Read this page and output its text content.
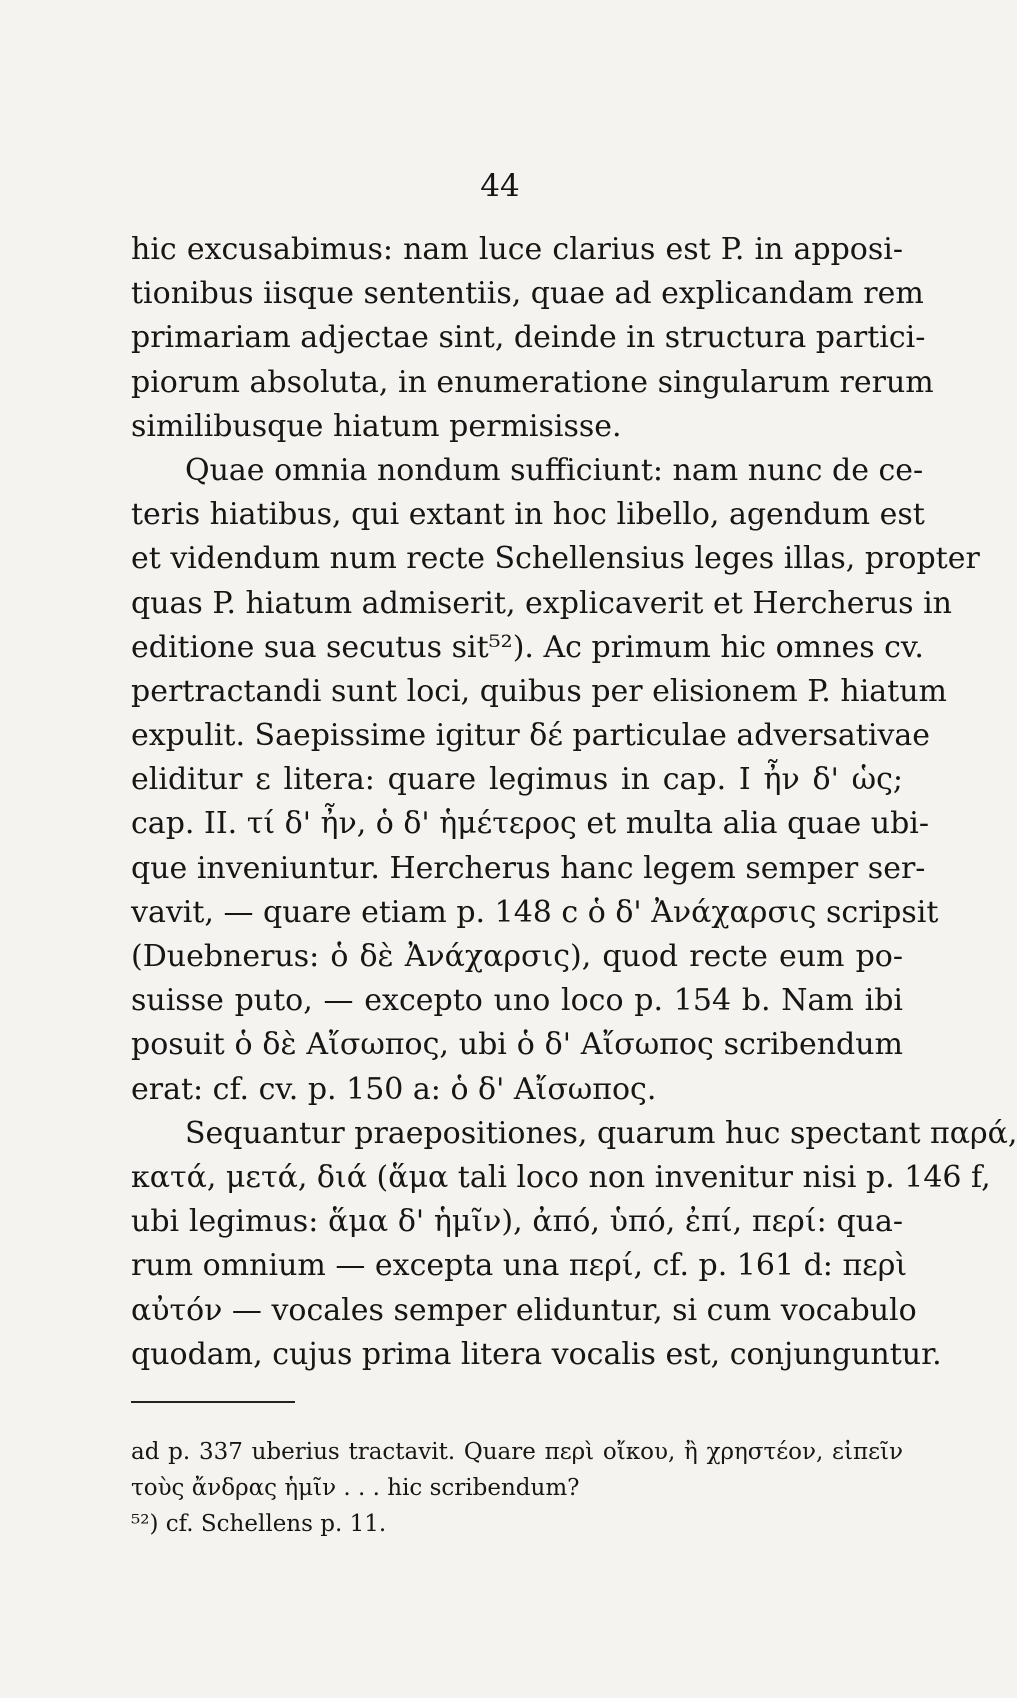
44
hic excusabimus: nam luce clarius est P. in apposi-
tionibus iisque sententiis, quae ad explicandam rem
primariam adjectae sint, deinde in structura partici-
piorum absoluta, in enumeratione singularum rerum
similibusque hiatum permisisse.
Quae omnia nondum sufficiunt: nam nunc de ce-
teris hiatibus, qui extant in hoc libello, agendum est
et videndum num recte Schellensius leges illas, propter
quas P. hiatum admiserit, explicaverit et Hercherus in
editione sua secutus sit⁵²). Ac primum hic omnes cv.
pertractandi sunt loci, quibus per elisionem P. hiatum
expulit. Saepissime igitur δέ particulae adversativae
eliditur ε litera: quare legimus in cap. I ἦν δ' ὡς;
cap. II. τί δ' ἦν, ὁ δ' ἡμέτερος et multa alia quae ubi-
que inveniuntur. Hercherus hanc legem semper ser-
vavit, — quare etiam p. 148 c ὁ δ' Ἀνάχαρσις scripsit
(Duebnerus: ὁ δὲ Ἀνάχαρσις), quod recte eum po-
suisse puto, — excepto uno loco p. 154 b. Nam ibi
posuit ὁ δὲ Αἴσωπος, ubi ὁ δ' Αἴσωπος scribendum
erat: cf. cv. p. 150 a: ὁ δ' Αἴσωπος.
Sequantur praepositiones, quarum huc spectant παρά,
κατά, μετά, διά (ἅμα tali loco non invenitur nisi p. 146 f,
ubi legimus: ἅμα δ' ἡμῖν), ἀπό, ὑπό, ἐπί, περί: qua-
rum omnium — excepta una περί, cf. p. 161 d: περὶ
αὐτόν — vocales semper eliduntur, si cum vocabulo
quodam, cujus prima litera vocalis est, conjunguntur.
ad p. 337 uberius tractavit. Quare περὶ οἴκου, ἢ χρηστέον, εἰπεῖν
τοὺς ἄνδρας ἡμῖν . . . hic scribendum?
⁵²) cf. Schellens p. 11.
